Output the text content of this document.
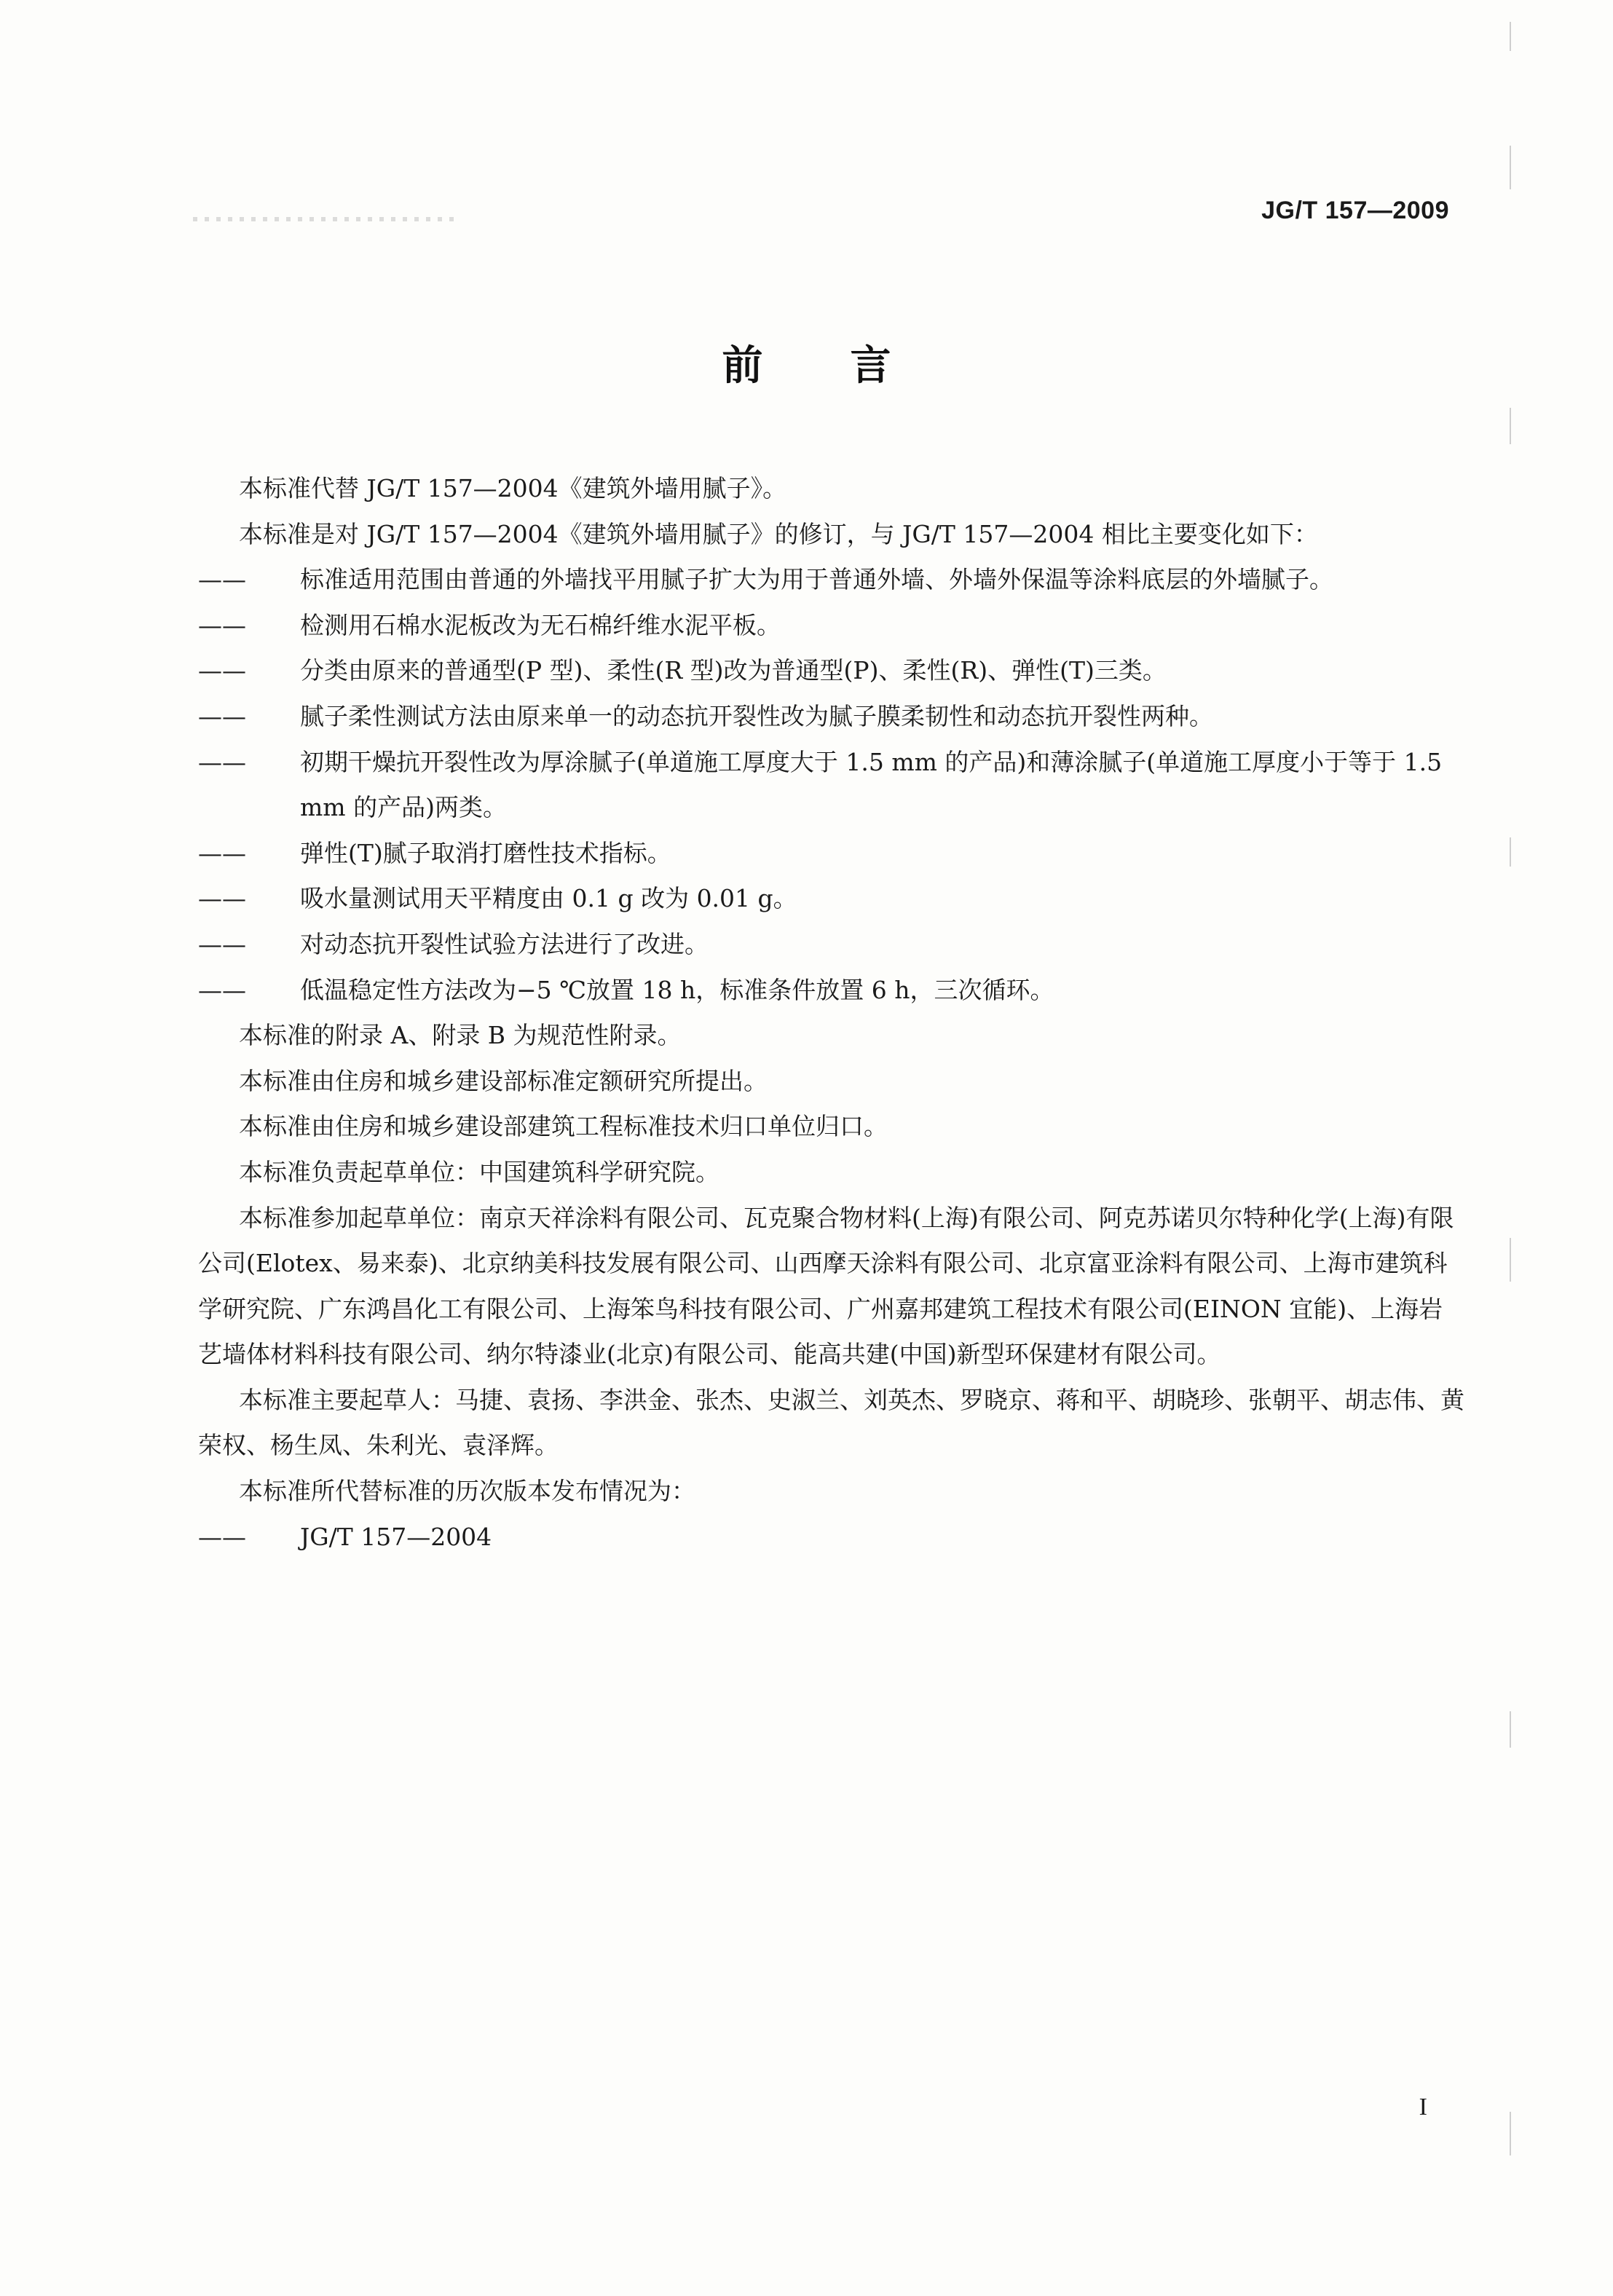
JG/T 157—2009
前言

本标准代替 JG/T 157—2004《建筑外墙用腻子》。

本标准是对 JG/T 157—2004《建筑外墙用腻子》的修订，与 JG/T 157—2004 相比主要变化如下：

—— 标准适用范围由普通的外墙找平用腻子扩大为用于普通外墙、外墙外保温等涂料底层的外墙腻子。

—— 检测用石棉水泥板改为无石棉纤维水泥平板。

—— 分类由原来的普通型(P 型)、柔性(R 型)改为普通型(P)、柔性(R)、弹性(T)三类。

—— 腻子柔性测试方法由原来单一的动态抗开裂性改为腻子膜柔韧性和动态抗开裂性两种。

—— 初期干燥抗开裂性改为厚涂腻子(单道施工厚度大于 1.5 mm 的产品)和薄涂腻子(单道施工厚度小于等于 1.5 mm 的产品)两类。

—— 弹性(T)腻子取消打磨性技术指标。

—— 吸水量测试用天平精度由 0.1 g 改为 0.01 g。

—— 对动态抗开裂性试验方法进行了改进。

—— 低温稳定性方法改为−5 ℃放置 18 h，标准条件放置 6 h，三次循环。

本标准的附录 A、附录 B 为规范性附录。

本标准由住房和城乡建设部标准定额研究所提出。

本标准由住房和城乡建设部建筑工程标准技术归口单位归口。

本标准负责起草单位：中国建筑科学研究院。

本标准参加起草单位：南京天祥涂料有限公司、瓦克聚合物材料(上海)有限公司、阿克苏诺贝尔特种化学(上海)有限公司(Elotex、易来泰)、北京纳美科技发展有限公司、山西摩天涂料有限公司、北京富亚涂料有限公司、上海市建筑科学研究院、广东鸿昌化工有限公司、上海笨鸟科技有限公司、广州嘉邦建筑工程技术有限公司(EINON 宜能)、上海岩艺墙体材料科技有限公司、纳尔特漆业(北京)有限公司、能高共建(中国)新型环保建材有限公司。

本标准主要起草人：马捷、袁扬、李洪金、张杰、史淑兰、刘英杰、罗晓京、蒋和平、胡晓珍、张朝平、胡志伟、黄荣权、杨生凤、朱利光、袁泽辉。

本标准所代替标准的历次版本发布情况为：

—— JG/T 157—2004

I
